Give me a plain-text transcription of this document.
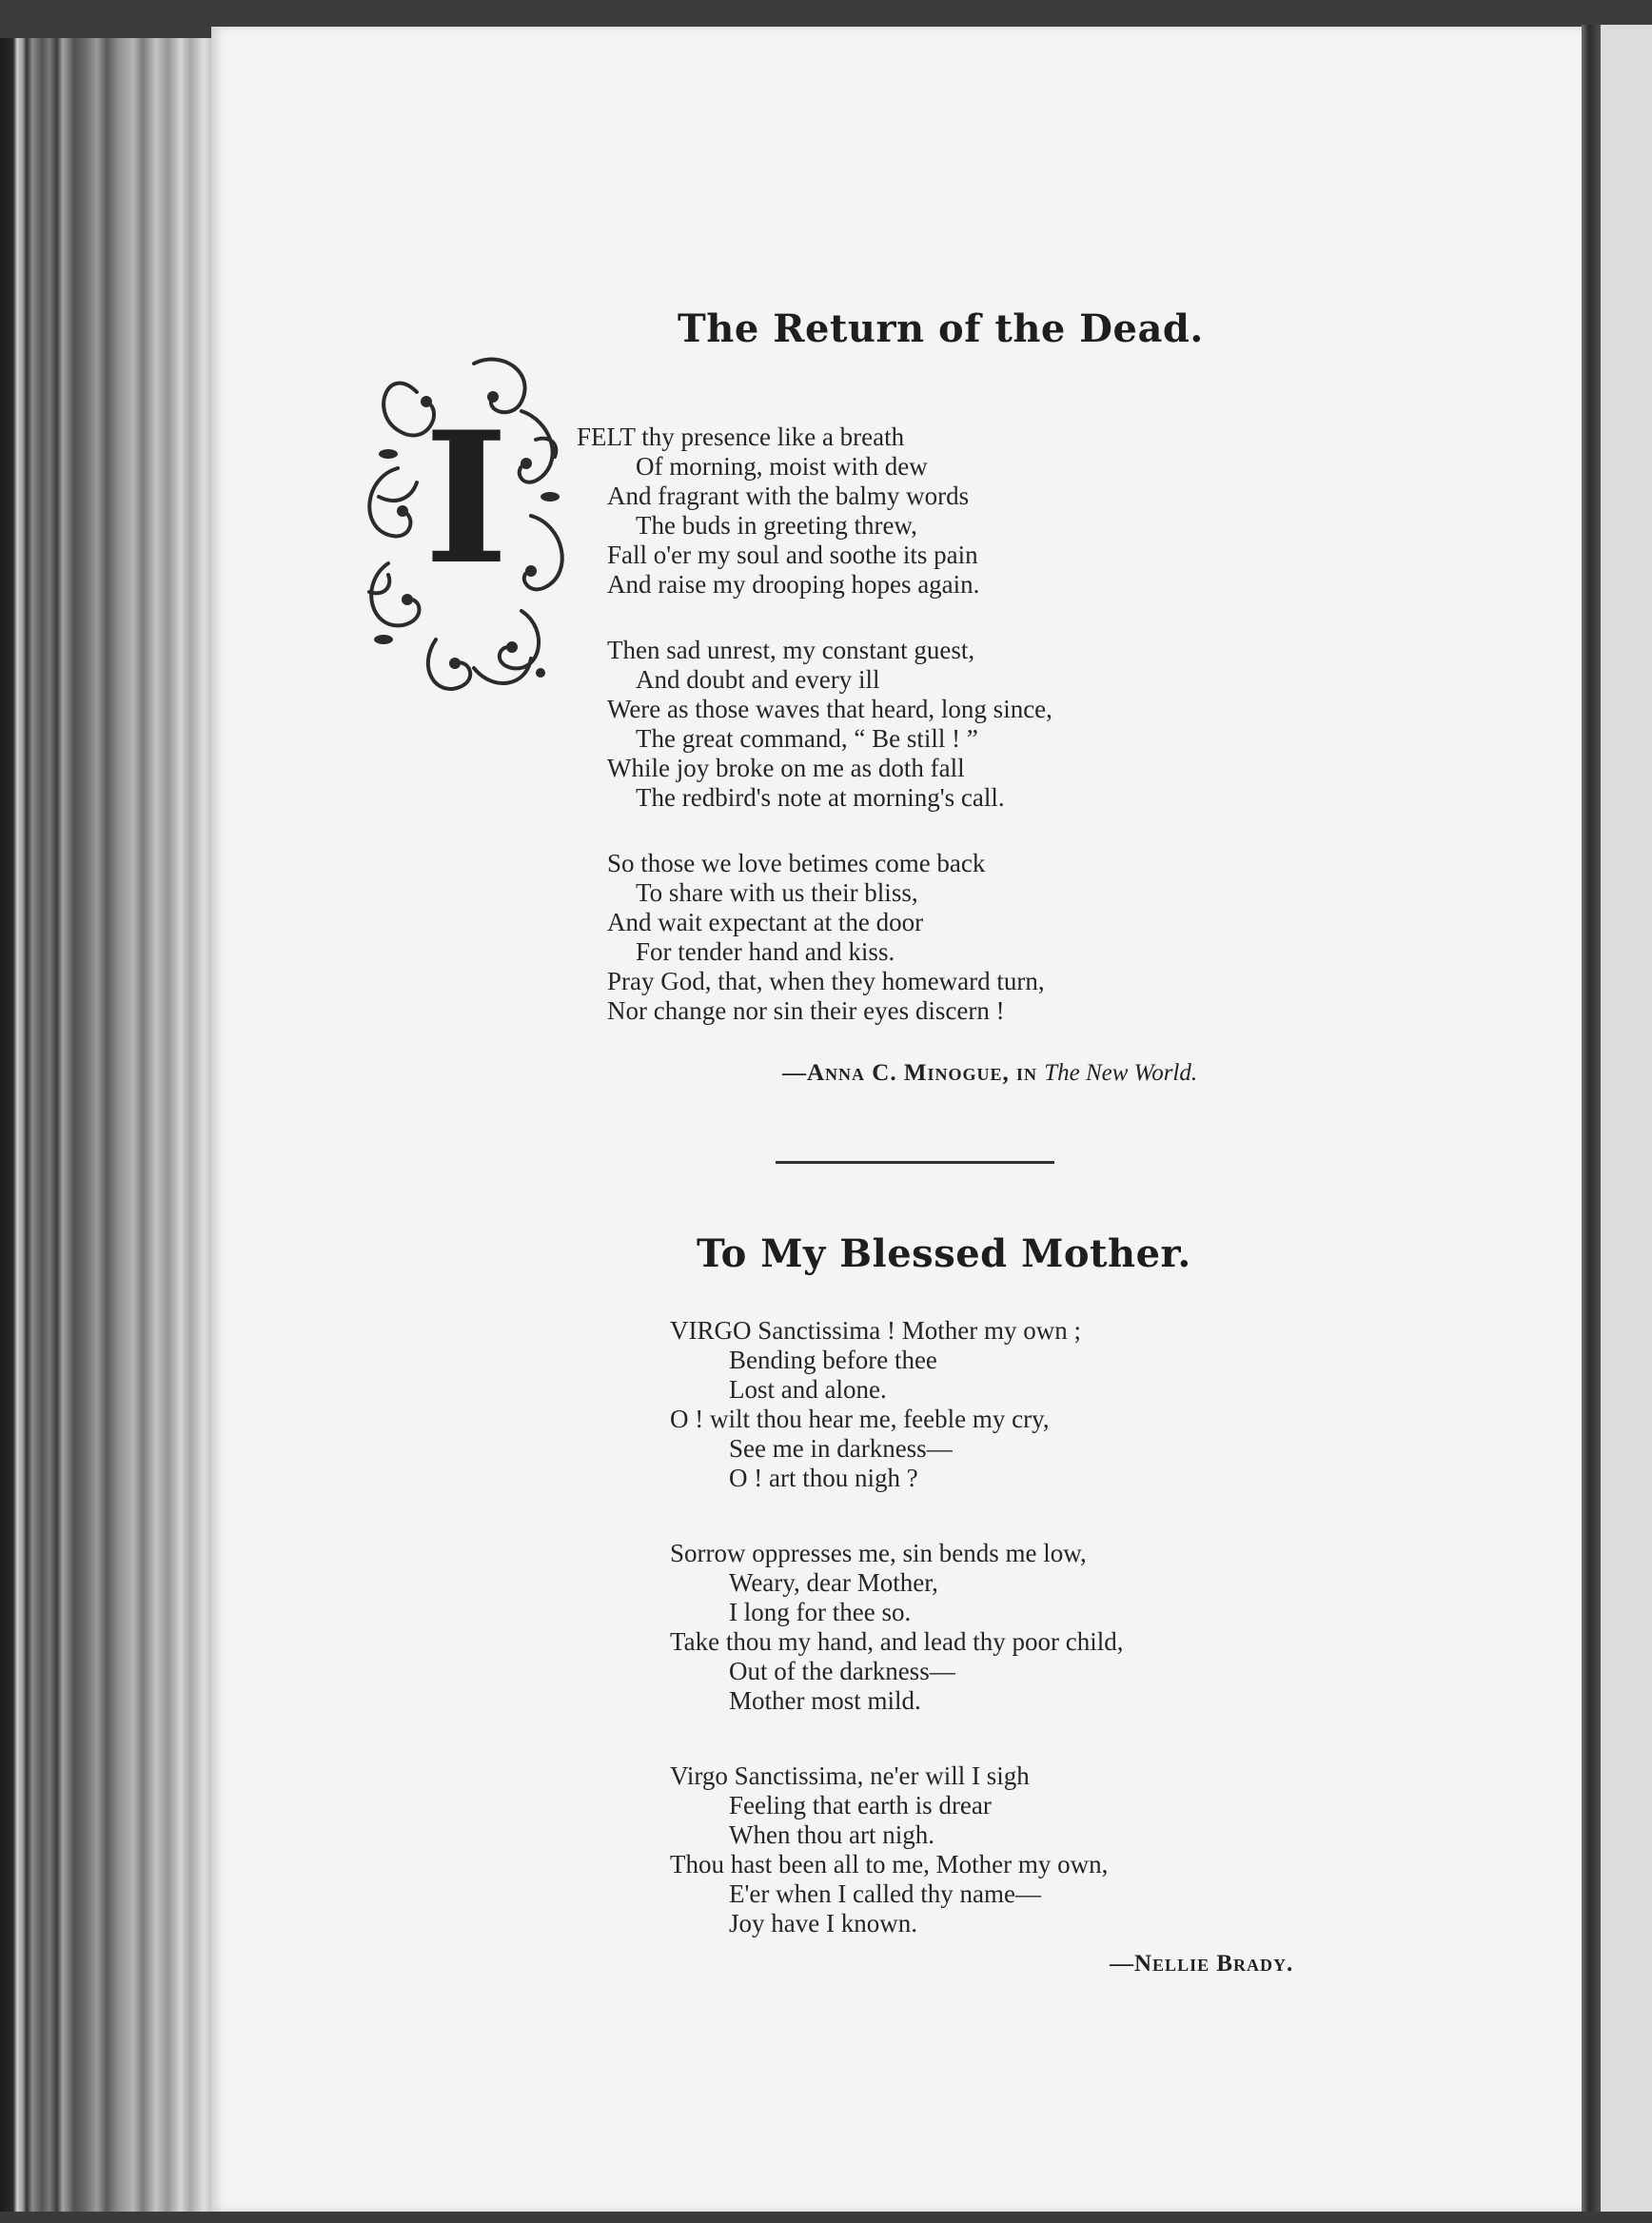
The Return of the Dead.
I	FELT thy presence like a breath

Of morning, moist with dew

And fragrant with the balmy words

The buds in greeting threw,

Fall o'er my soul and soothe its pain

And raise my drooping hopes again.

Then sad unrest, my constant guest,

And doubt and every ill

Were as those waves that heard, long since,

The great command, “ Be still ! ”

While joy broke on me as doth fall

The redbird's note at morning's call.

So those we love betimes come back

To share with us their bliss,

And wait expectant at the door

For tender hand and kiss.

Pray God, that, when they homeward turn,

Nor change nor sin their eyes discern !

—Anna C. Minogue, in The New World.

To My Blessed Mother.

VIRGO Sanctissima ! Mother my own ;

Bending before thee

Lost and alone.

O ! wilt thou hear me, feeble my cry,

See me in darkness—

O ! art thou nigh ?

Sorrow oppresses me, sin bends me low,

Weary, dear Mother,

I long for thee so.

Take thou my hand, and lead thy poor child,

Out of the darkness—

Mother most mild.

Virgo Sanctissima, ne'er will I sigh

Feeling that earth is drear

When thou art nigh.

Thou hast been all to me, Mother my own,

E'er when I called thy name—

Joy have I known.

—Nellie Brady.
